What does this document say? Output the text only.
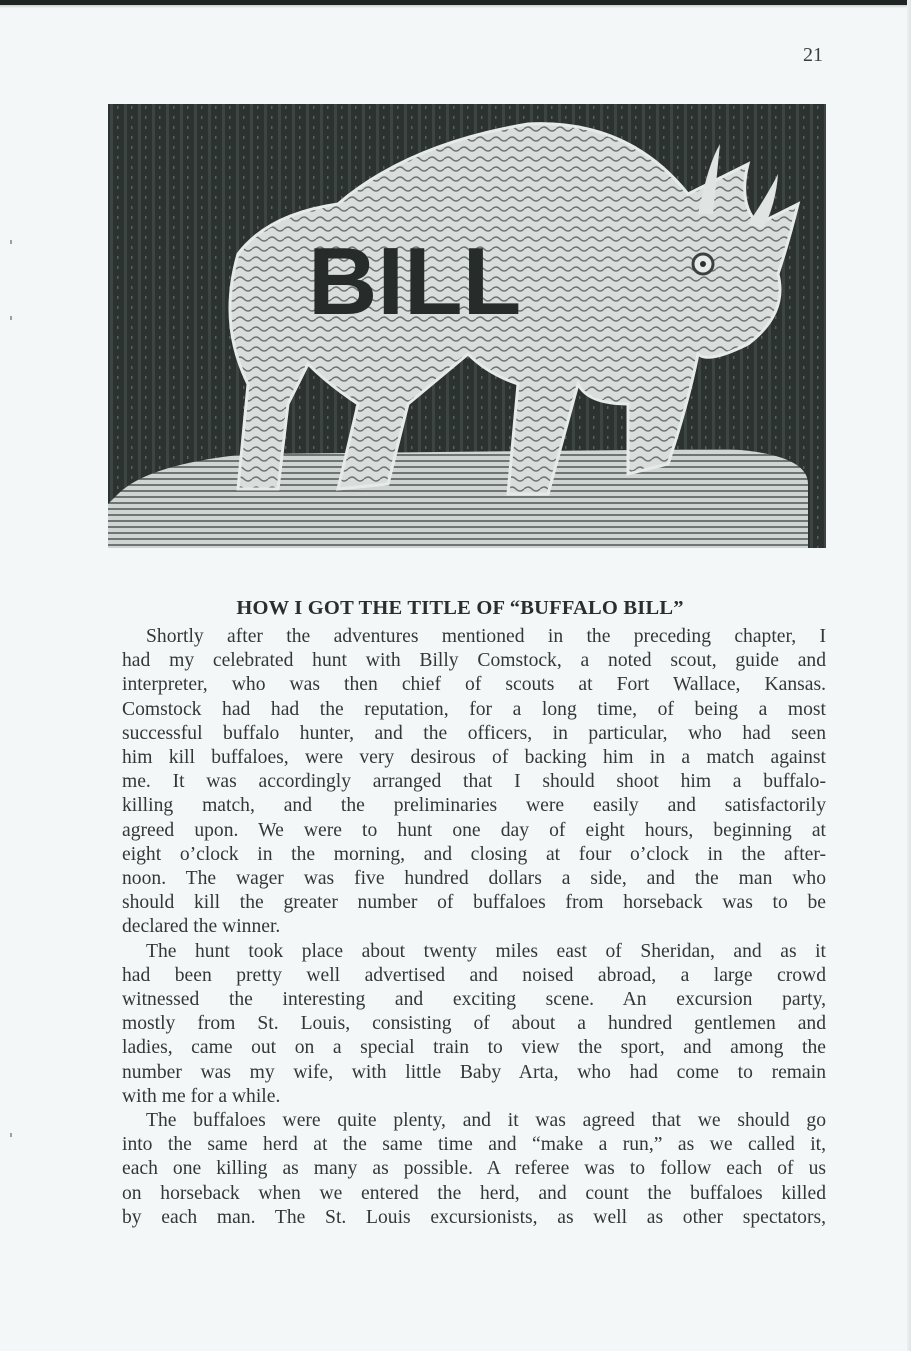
21
BILL
HOW I GOT THE TITLE OF “BUFFALO BILL”
Shortly after the adventures mentioned in the preceding chapter, I
had my celebrated hunt with Billy Comstock, a noted scout, guide and
interpreter, who was then chief of scouts at Fort Wallace, Kansas.
Comstock had had the reputation, for a long time, of being a most
successful buffalo hunter, and the officers, in particular, who had seen
him kill buffaloes, were very desirous of backing him in a match against
me. It was accordingly arranged that I should shoot him a buffalo-
killing match, and the preliminaries were easily and satisfactorily
agreed upon. We were to hunt one day of eight hours, beginning at
eight o’clock in the morning, and closing at four o’clock in the after-
noon. The wager was five hundred dollars a side, and the man who
should kill the greater number of buffaloes from horseback was to be
declared the winner.
The hunt took place about twenty miles east of Sheridan, and as it
had been pretty well advertised and noised abroad, a large crowd
witnessed the interesting and exciting scene. An excursion party,
mostly from St. Louis, consisting of about a hundred gentlemen and
ladies, came out on a special train to view the sport, and among the
number was my wife, with little Baby Arta, who had come to remain
with me for a while.
The buffaloes were quite plenty, and it was agreed that we should go
into the same herd at the same time and “make a run,” as we called it,
each one killing as many as possible. A referee was to follow each of us
on horseback when we entered the herd, and count the buffaloes killed
by each man. The St. Louis excursionists, as well as other spectators,
